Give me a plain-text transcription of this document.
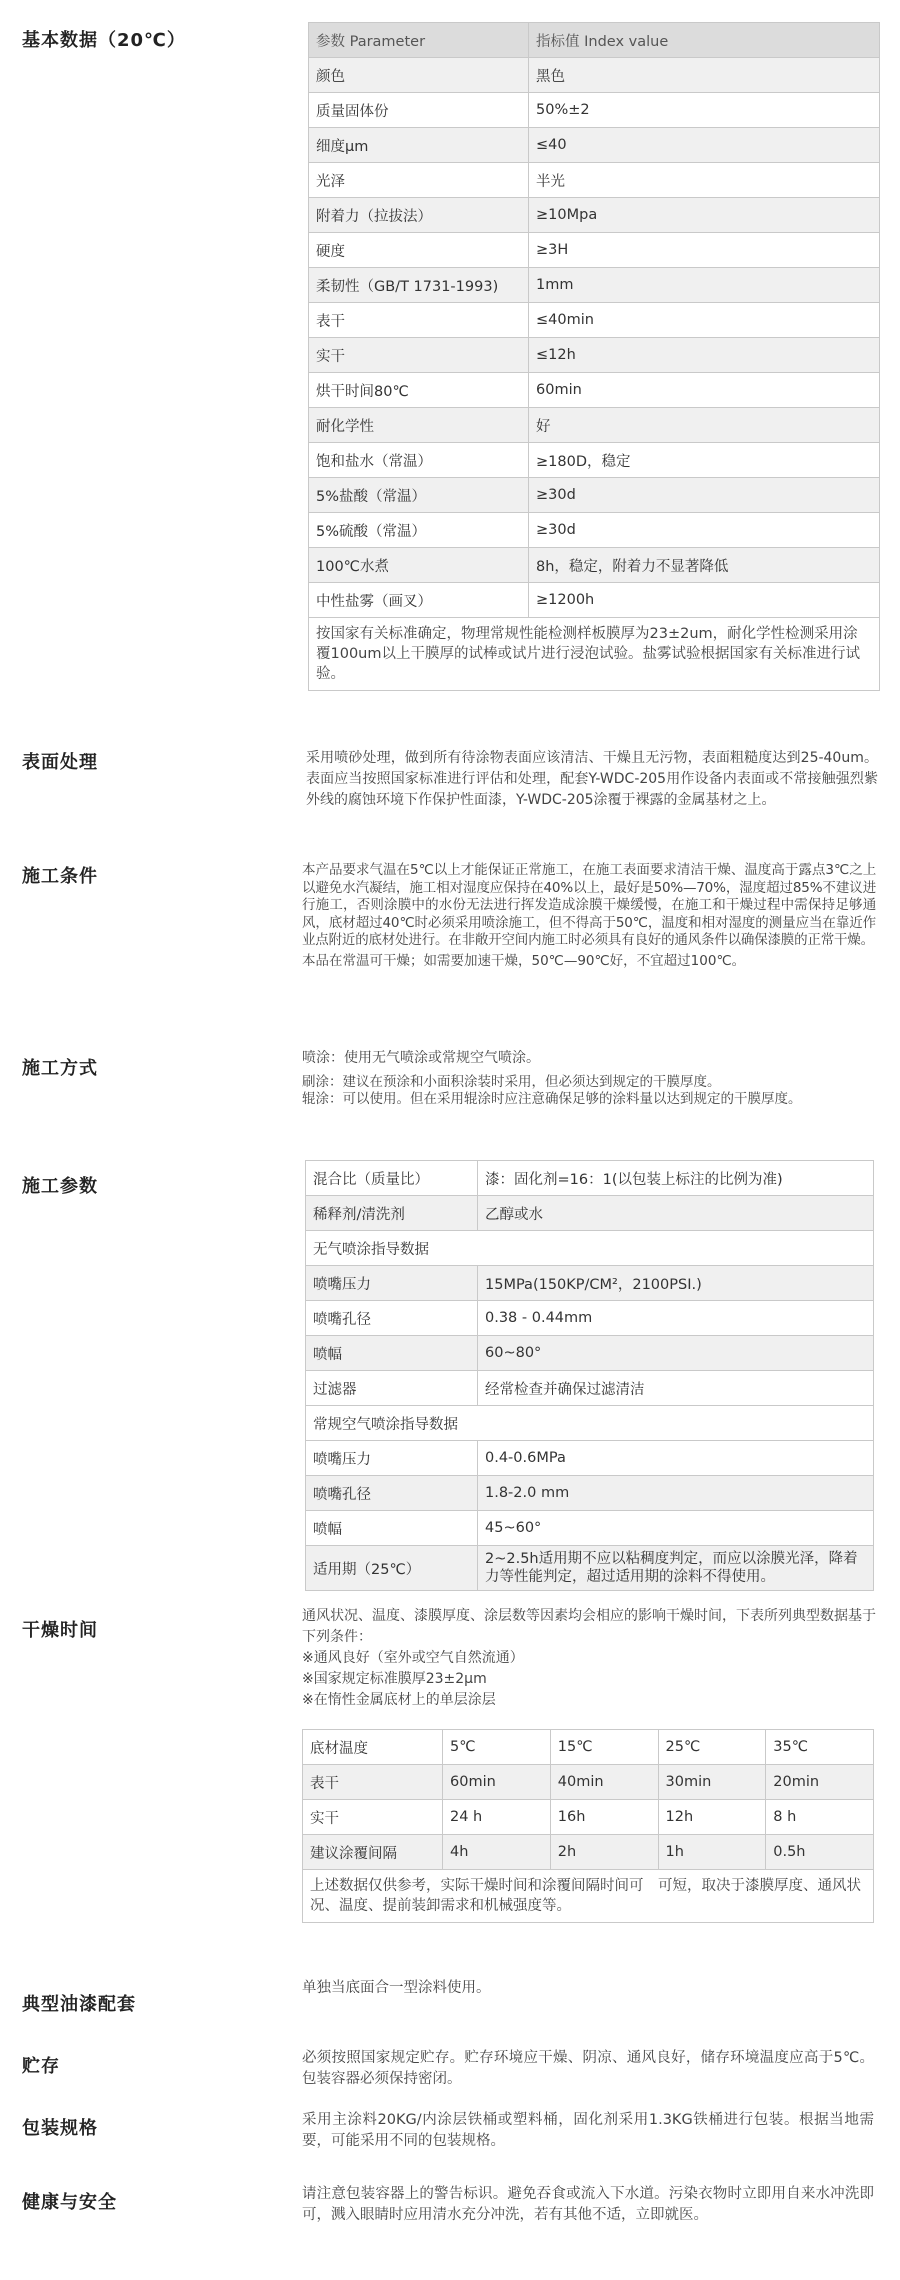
基本数据（20℃）	参数 Parameter	指标值 Index value
颜色	黑色
质量固体份	50%±2
细度μm	≤40
光泽	半光
附着力（拉拔法）	≥10Mpa
硬度	≥3H
柔韧性（GB/T 1731-1993)	1mm
表干	≤40min
实干	≤12h
烘干时间80℃	60min
耐化学性	好
饱和盐水（常温）	≥180D，稳定
5%盐酸（常温）	≥30d
5%硫酸（常温）	≥30d
100℃水煮	8h，稳定，附着力不显著降低
中性盐雾（画叉）	≥1200h
按国家有关标准确定，物理常规性能检测样板膜厚为23±2um，耐化学性检测采用涂覆100um以上干膜厚的试棒或试片进行浸泡试验。盐雾试验根据国家有关标准进行试验。	
表面处理	采用喷砂处理，做到所有待涂物表面应该清洁、干燥且无污物，表面粗糙度达到25-40um。表面应当按照国家标准进行评估和处理，配套Y-WDC-205用作设备内表面或不常接触强烈紫外线的腐蚀环境下作保护性面漆，Y-WDC-205涂覆于裸露的金属基材之上。

施工条件	本产品要求气温在5℃以上才能保证正常施工，在施工表面要求清洁干燥、温度高于露点3℃之上以避免水汽凝结，施工相对湿度应保持在40%以上，最好是50%—70%，湿度超过85%不建议进行施工，否则涂膜中的水份无法进行挥发造成涂膜干燥缓慢，在施工和干燥过程中需保持足够通风，底材超过40℃时必须采用喷涂施工，但不得高于50℃，温度和相对湿度的测量应当在靠近作业点附近的底材处进行。在非敞开空间内施工时必须具有良好的通风条件以确保漆膜的正常干燥。

本品在常温可干燥；如需要加速干燥，50℃—90℃好，不宜超过100℃。

施工方式	喷涂：使用无气喷涂或常规空气喷涂。

刷涂：建议在预涂和小面积涂装时采用，但必须达到规定的干膜厚度。
辊涂：可以使用。但在采用辊涂时应注意确保足够的涂料量以达到规定的干膜厚度。

施工参数	混合比（质量比）	漆：固化剂=16：1(以包装上标注的比例为准)
稀释剂/清洗剂	乙醇或水
无气喷涂指导数据	
喷嘴压力	15MPa(150KP/CM²，2100PSI.)
喷嘴孔径	0.38 - 0.44mm
喷幅	60~80°
过滤器	经常检查并确保过滤清洁
常规空气喷涂指导数据	
喷嘴压力	0.4-0.6MPa
喷嘴孔径	1.8-2.0 mm
喷幅	45~60°
适用期（25℃）	2~2.5h适用期不应以粘稠度判定，而应以涂膜光泽，降着力等性能判定，超过适用期的涂料不得使用。
干燥时间

通风状况、温度、漆膜厚度、涂层数等因素均会相应的影响干燥时间，下表所列典型数据基于下列条件：

※通风良好（室外或空气自然流通）

※国家规定标准膜厚23±2μm

※在惰性金属底材上的单层涂层

底材温度	5℃	15℃	25℃	35℃
表干	60min	40min	30min	20min
实干	24 h	16h	12h	8 h
建议涂覆间隔	4h	2h	1h	0.5h
上述数据仅供参考，实际干燥时间和涂覆间隔时间可　可短，取决于漆膜厚度、通风状况、温度、提前装卸需求和机械强度等。				
典型油漆配套

单独当底面合一型涂料使用。

贮存	必须按照国家规定贮存。贮存环境应干燥、阴凉、通风良好，储存环境温度应高于5℃。包装容器必须保持密闭。

包装规格	采用主涂料20KG/内涂层铁桶或塑料桶，固化剂采用1.3KG铁桶进行包装。根据当地需要，可能采用不同的包装规格。

健康与安全	请注意包装容器上的警告标识。避免吞食或流入下水道。污染衣物时立即用自来水冲洗即可，溅入眼睛时应用清水充分冲洗，若有其他不适，立即就医。
